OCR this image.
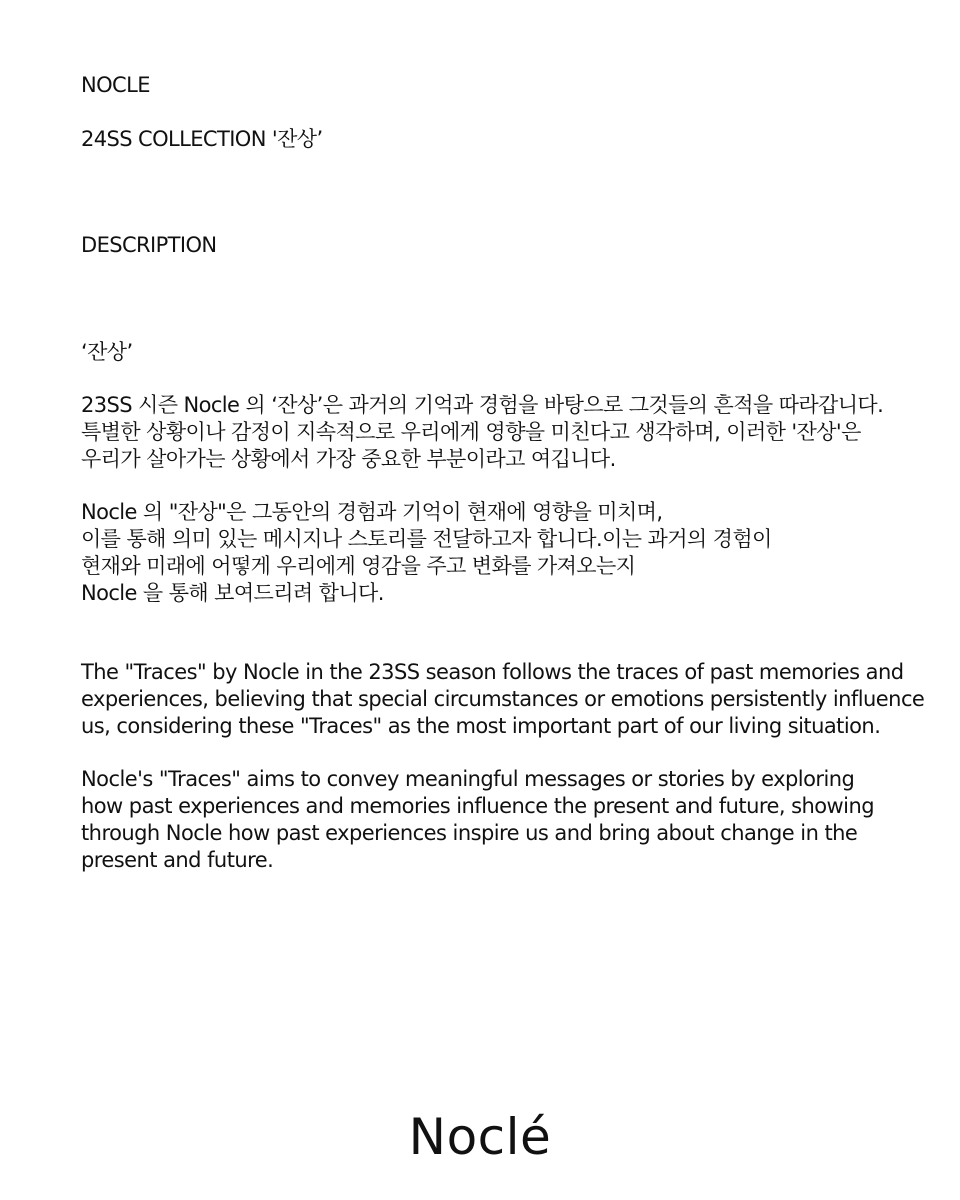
NOCLE
24SS COLLECTION '잔상’
DESCRIPTION
‘잔상’
23SS 시즌 Nocle 의 ‘잔상’은 과거의 기억과 경험을 바탕으로 그것들의 흔적을 따라갑니다.
특별한 상황이나 감정이 지속적으로 우리에게 영향을 미친다고 생각하며, 이러한 '잔상'은
우리가 살아가는 상황에서 가장 중요한 부분이라고 여깁니다.
Nocle 의 "잔상"은 그동안의 경험과 기억이 현재에 영향을 미치며,
이를 통해 의미 있는 메시지나 스토리를 전달하고자 합니다.이는 과거의 경험이
현재와 미래에 어떻게 우리에게 영감을 주고 변화를 가져오는지
Nocle 을 통해 보여드리려 합니다.
The "Traces" by Nocle in the 23SS season follows the traces of past memories and
experiences, believing that special circumstances or emotions persistently influence
us, considering these "Traces" as the most important part of our living situation.
Nocle's "Traces" aims to convey meaningful messages or stories by exploring
how past experiences and memories influence the present and future, showing
through Nocle how past experiences inspire us and bring about change in the
present and future.
Noclé
